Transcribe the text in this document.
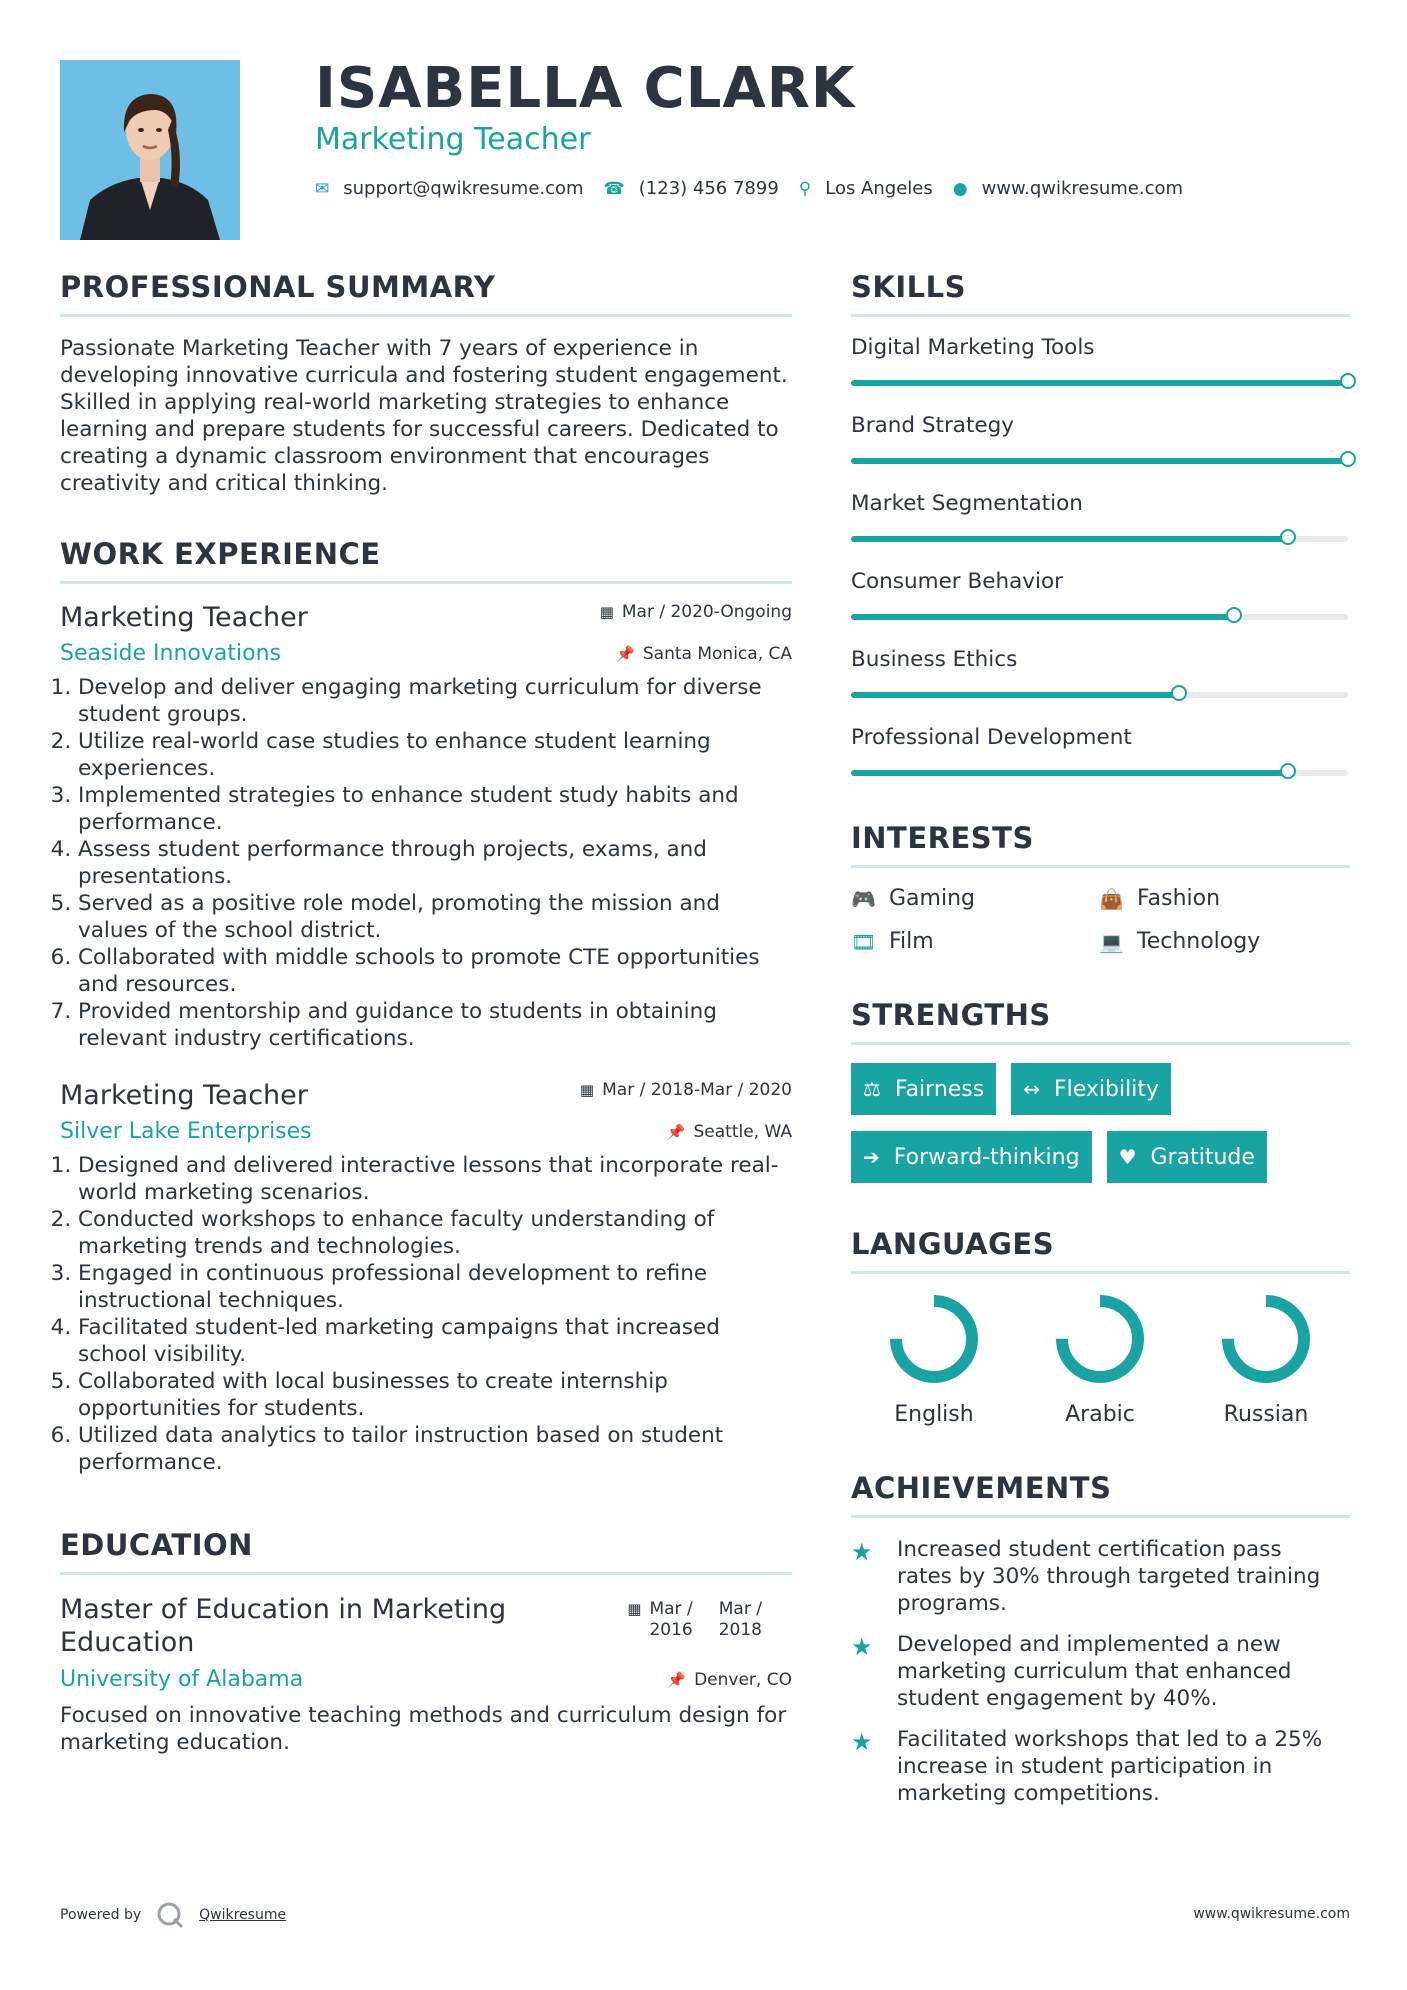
ISABELLA CLARK
Marketing Teacher
✉ support@qwikresume.com ☎ (123) 456 7899 ⚲ Los Angeles ● www.qwikresume.com
PROFESSIONAL SUMMARY

Passionate Marketing Teacher with 7 years of experience in developing innovative curricula and fostering student engagement. Skilled in applying real-world marketing strategies to enhance learning and prepare students for successful careers. Dedicated to creating a dynamic classroom environment that encourages creativity and critical thinking.

WORK EXPERIENCE
Marketing Teacher	▦ Mar / 2020-Ongoing
Seaside Innovations	📌 Santa Monica, CA
1. Develop and deliver engaging marketing curriculum for diverse student groups.
2. Utilize real-world case studies to enhance student learning experiences.
3. Implemented strategies to enhance student study habits and performance.
4. Assess student performance through projects, exams, and presentations.
5. Served as a positive role model, promoting the mission and values of the school district.
6. Collaborated with middle schools to promote CTE opportunities and resources.
7. Provided mentorship and guidance to students in obtaining relevant industry certifications.
Marketing Teacher	▦ Mar / 2018-Mar / 2020
Silver Lake Enterprises	📌 Seattle, WA
1. Designed and delivered interactive lessons that incorporate real-world marketing scenarios.
2. Conducted workshops to enhance faculty understanding of marketing trends and technologies.
3. Engaged in continuous professional development to refine instructional techniques.
4. Facilitated student-led marketing campaigns that increased school visibility.
5. Collaborated with local businesses to create internship opportunities for students.
6. Utilized data analytics to tailor instruction based on student performance.
EDUCATION
Master of Education in Marketing Education
▦ Mar /
2016
Mar /
2018
University of Alabama	📌 Denver, CO
Focused on innovative teaching methods and curriculum design for marketing education.
SKILLS
Digital Marketing Tools
Brand Strategy
Market Segmentation
Consumer Behavior
Business Ethics
Professional Development
INTERESTS
🎮 Gaming	👜 Fashion
🎞 Film	💻 Technology
STRENGTHS
⚖ Fairness ↔ Flexibility
➔ Forward-thinking ♥ Gratitude
LANGUAGES
English	Arabic	Russian
ACHIEVEMENTS
★	Increased student certification pass rates by 30% through targeted training programs.
★	Developed and implemented a new marketing curriculum that enhanced student engagement by 40%.
★	Facilitated workshops that led to a 25% increase in student participation in marketing competitions.
Powered by	Qwikresume	www.qwikresume.com
